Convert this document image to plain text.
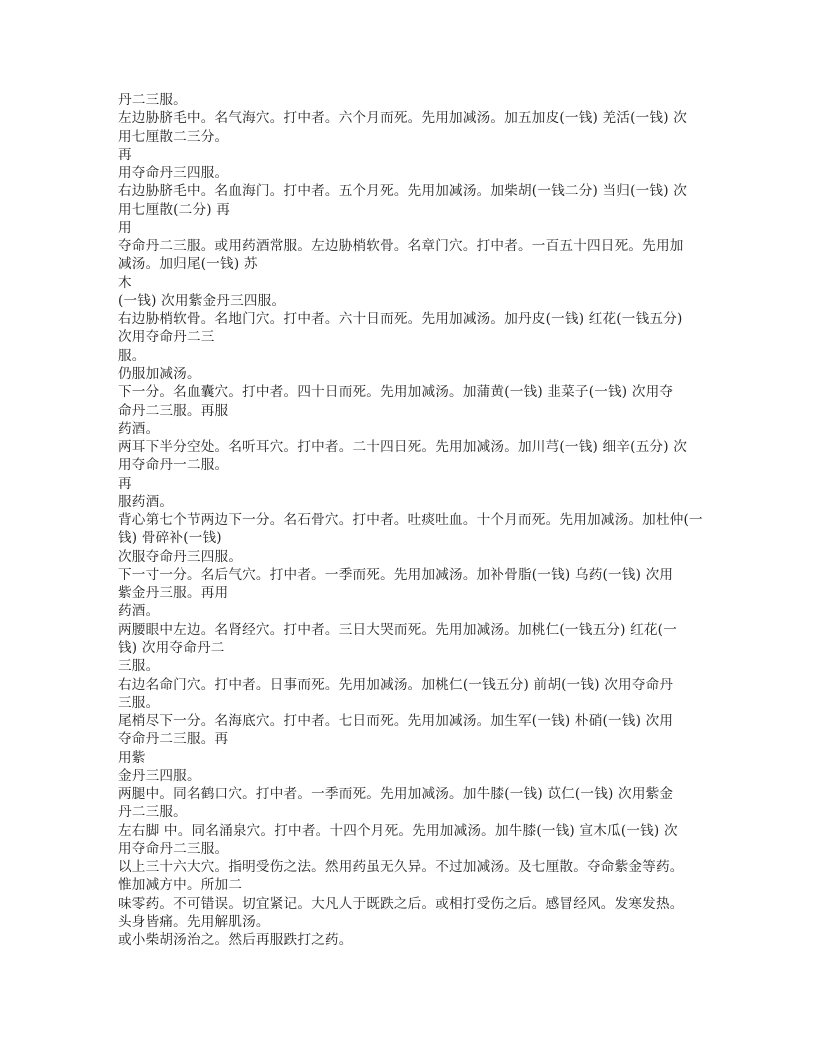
丹二三服。
左边胁脐毛中。名气海穴。打中者。六个月而死。先用加减汤。加五加皮(一钱) 羌活(一钱) 次
用七厘散二三分。
再
用夺命丹三四服。
右边胁脐毛中。名血海门。打中者。五个月死。先用加减汤。加柴胡(一钱二分) 当归(一钱) 次
用七厘散(二分) 再
用
夺命丹二三服。或用药酒常服。左边胁梢软骨。名章门穴。打中者。一百五十四日死。先用加
减汤。加归尾(一钱) 苏
木
(一钱) 次用紫金丹三四服。
右边胁梢软骨。名地门穴。打中者。六十日而死。先用加减汤。加丹皮(一钱) 红花(一钱五分)
次用夺命丹二三
服。
仍服加减汤。
下一分。名血囊穴。打中者。四十日而死。先用加减汤。加蒲黄(一钱) 韭菜子(一钱) 次用夺
命丹二三服。再服
药酒。
两耳下半分空处。名听耳穴。打中者。二十四日死。先用加减汤。加川芎(一钱) 细辛(五分) 次
用夺命丹一二服。
再
服药酒。
背心第七个节两边下一分。名石骨穴。打中者。吐痰吐血。十个月而死。先用加减汤。加杜仲(一
钱) 骨碎补(一钱)
次服夺命丹三四服。
下一寸一分。名后气穴。打中者。一季而死。先用加减汤。加补骨脂(一钱) 乌药(一钱) 次用
紫金丹三服。再用
药酒。
两腰眼中左边。名肾经穴。打中者。三日大哭而死。先用加减汤。加桃仁(一钱五分) 红花(一
钱) 次用夺命丹二
三服。
右边名命门穴。打中者。日事而死。先用加减汤。加桃仁(一钱五分) 前胡(一钱) 次用夺命丹
三服。
尾梢尽下一分。名海底穴。打中者。七日而死。先用加减汤。加生军(一钱) 朴硝(一钱) 次用
夺命丹二三服。再
用紫
金丹三四服。
两腿中。同名鹤口穴。打中者。一季而死。先用加减汤。加牛膝(一钱) 苡仁(一钱) 次用紫金
丹二三服。
左右脚 中。同名涌泉穴。打中者。十四个月死。先用加减汤。加牛膝(一钱) 宣木瓜(一钱) 次
用夺命丹二三服。
以上三十六大穴。指明受伤之法。然用药虽无久异。不过加减汤。及七厘散。夺命紫金等药。
惟加减方中。所加二
味零药。不可错误。切宜紧记。大凡人于既跌之后。或相打受伤之后。感冒经风。发寒发热。
头身皆痛。先用解肌汤。
或小柴胡汤治之。然后再服跌打之药。
